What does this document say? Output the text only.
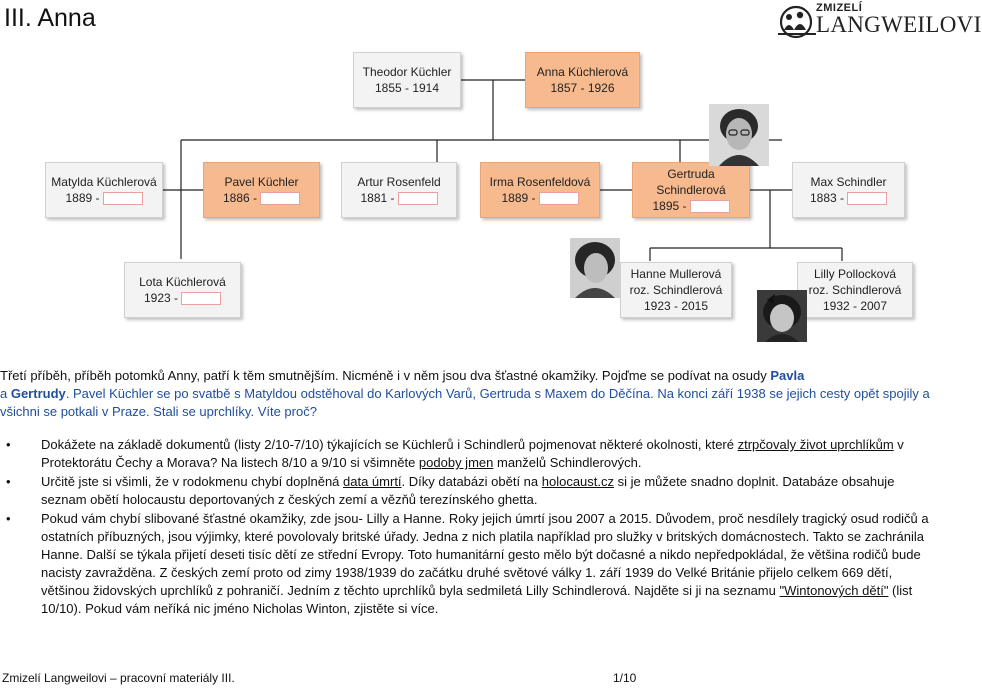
III. Anna	ZMIZELÍ
LANGWEILOVI
Theodor Küchler
1855 - 1914
Anna Küchlerová
1857 - 1926
Matylda Küchlerová
1889 -
Pavel Küchler
1886 -
Artur Rosenfeld
1881 -
Irma Rosenfeldová
1889 -
Gertruda
Schindlerová
1895 -
Max Schindler
1883 -
Lota Küchlerová
1923 -
Hanne Mullerová
roz. Schindlerová
1923 - 2015
Lilly Pollocková
roz. Schindlerová
1932 - 2007

Třetí příběh, příběh potomků Anny, patří k těm smutnějším. Nicméně i v něm jsou dva šťastné okamžiky. Pojďme se podívat na osudy Pavla
a Gertrudy. Pavel Küchler se po svatbě s Matyldou odstěhoval do Karlových Varů, Gertruda s Maxem do Děčína. Na konci září 1938 se jejich cesty opět spojily a všichni se potkali v Praze. Stali se uprchlíky. Víte proč?

• Dokážete na základě dokumentů (listy 2/10-7/10) týkajících se Küchlerů i Schindlerů pojmenovat některé okolnosti, které ztrpčovaly život uprchlíkům v Protektorátu Čechy a Morava? Na listech 8/10 a 9/10 si všimněte podoby jmen manželů Schindlerových.
• Určitě jste si všimli, že v rodokmenu chybí doplněná data úmrtí. Díky databázi obětí na holocaust.cz si je můžete snadno doplnit. Databáze obsahuje seznam obětí holocaustu deportovaných z českých zemí a vězňů terezínského ghetta.
• Pokud vám chybí slibované šťastné okamžiky, zde jsou- Lilly a Hanne. Roky jejich úmrtí jsou 2007 a 2015. Důvodem, proč nesdílely tragický osud rodičů a ostatních příbuzných, jsou výjimky, které povolovaly britské úřady. Jedna z nich platila například pro služky v britských domácnostech. Takto se zachránila Hanne. Další se týkala přijetí deseti tisíc dětí ze střední Evropy. Toto humanitární gesto mělo být dočasné a nikdo nepředpokládal, že většina rodičů bude nacisty zavražděna. Z českých zemí proto od zimy 1938/1939 do začátku druhé světové války 1. září 1939 do Velké Británie přijelo celkem 669 dětí, většinou židovských uprchlíků z pohraničí. Jedním z těchto uprchlíků byla sedmiletá Lilly Schindlerová. Najděte si ji na seznamu "Wintonových dětí" (list 10/10). Pokud vám neříká nic jméno Nicholas Winton, zjistěte si více.
Zmizelí Langweilovi – pracovní materiály III.	1/10
